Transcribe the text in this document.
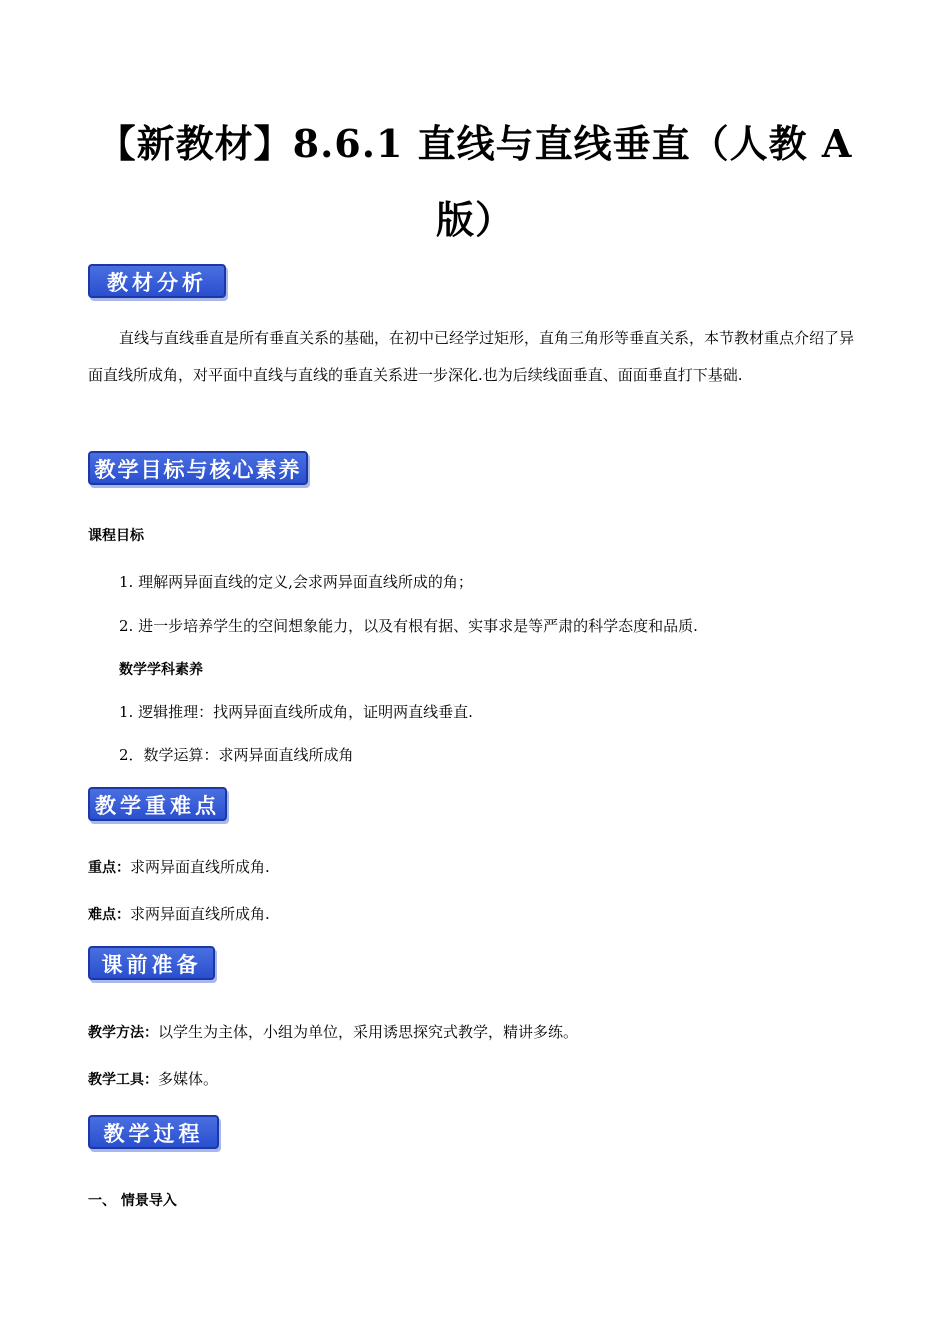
【新教材】8.6.1 直线与直线垂直（人教 A
版）
教材分析
直线与直线垂直是所有垂直关系的基础，在初中已经学过矩形，直角三角形等垂直关系，本节教材重点介绍了异面直线所成角，对平面中直线与直线的垂直关系进一步深化.也为后续线面垂直、面面垂直打下基础.
教学目标与核心素养
课程目标
1. 理解两异面直线的定义,会求两异面直线所成的角；
2. 进一步培养学生的空间想象能力，以及有根有据、实事求是等严肃的科学态度和品质.
数学学科素养
1. 逻辑推理：找两异面直线所成角，证明两直线垂直.
2．数学运算：求两异面直线所成角
教学重难点
重点：求两异面直线所成角.
难点：求两异面直线所成角.
课前准备
教学方法：以学生为主体，小组为单位，采用诱思探究式教学，精讲多练。
教学工具：多媒体。
教学过程
一、 情景导入
